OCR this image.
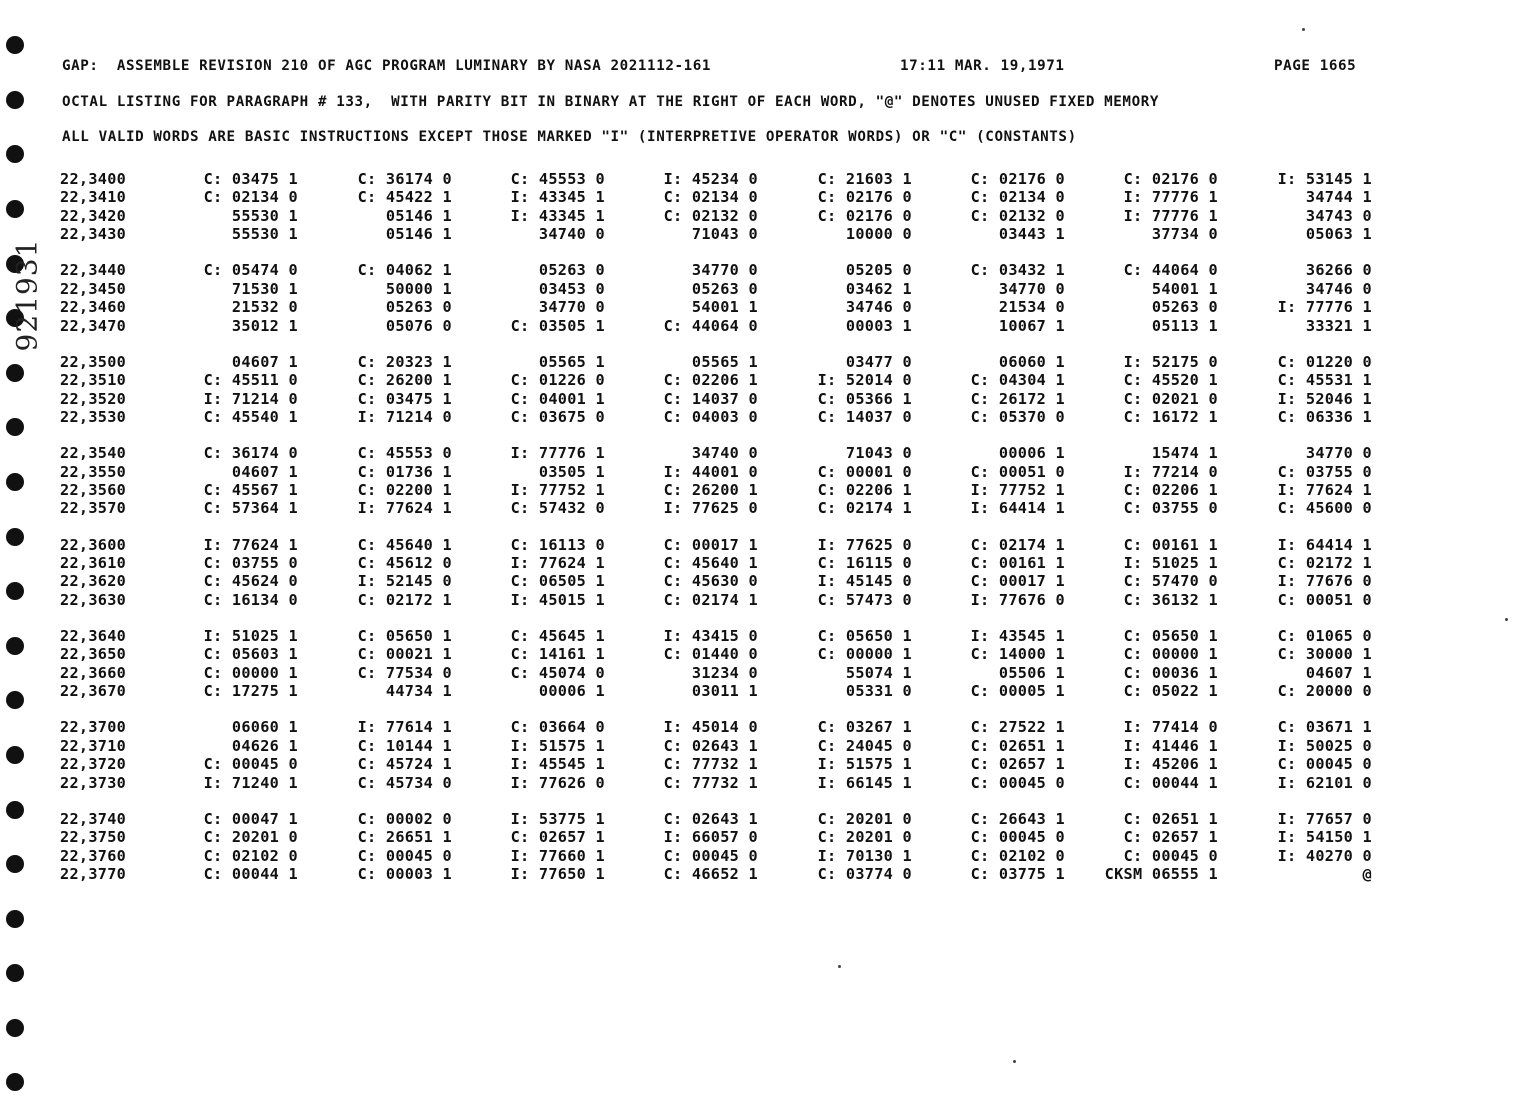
921931

GAP:  ASSEMBLE REVISION 210 OF AGC PROGRAM LUMINARY BY NASA 2021112-161

	17:11 MAR. 19,1971

	PAGE 1665

OCTAL LISTING FOR PARAGRAPH # 133,  WITH PARITY BIT IN BINARY AT THE RIGHT OF EACH WORD, "@" DENOTES UNUSED FIXED MEMORY

ALL VALID WORDS ARE BASIC INSTRUCTIONS EXCEPT THOSE MARKED "I" (INTERPRETIVE OPERATOR WORDS) OR "C" (CONSTANTS)

22,3400	C: 03475 1	C: 36174 0	C: 45553 0	I: 45234 0	C: 21603 1	C: 02176 0	C: 02176 0	I: 53145 1
22,3410	C: 02134 0	C: 45422 1	I: 43345 1	C: 02134 0	C: 02176 0	C: 02134 0	I: 77776 1	34744 1
22,3420	55530 1	05146 1	I: 43345 1	C: 02132 0	C: 02176 0	C: 02132 0	I: 77776 1	34743 0
22,3430	55530 1	05146 1	34740 0	71043 0	10000 0	03443 1	37734 0	05063 1
22,3440	C: 05474 0	C: 04062 1	05263 0	34770 0	05205 0	C: 03432 1	C: 44064 0	36266 0
22,3450	71530 1	50000 1	03453 0	05263 0	03462 1	34770 0	54001 1	34746 0
22,3460	21532 0	05263 0	34770 0	54001 1	34746 0	21534 0	05263 0	I: 77776 1
22,3470	35012 1	05076 0	C: 03505 1	C: 44064 0	00003 1	10067 1	05113 1	33321 1
22,3500	04607 1	C: 20323 1	05565 1	05565 1	03477 0	06060 1	I: 52175 0	C: 01220 0
22,3510	C: 45511 0	C: 26200 1	C: 01226 0	C: 02206 1	I: 52014 0	C: 04304 1	C: 45520 1	C: 45531 1
22,3520	I: 71214 0	C: 03475 1	C: 04001 1	C: 14037 0	C: 05366 1	C: 26172 1	C: 02021 0	I: 52046 1
22,3530	C: 45540 1	I: 71214 0	C: 03675 0	C: 04003 0	C: 14037 0	C: 05370 0	C: 16172 1	C: 06336 1
22,3540	C: 36174 0	C: 45553 0	I: 77776 1	34740 0	71043 0	00006 1	15474 1	34770 0
22,3550	04607 1	C: 01736 1	03505 1	I: 44001 0	C: 00001 0	C: 00051 0	I: 77214 0	C: 03755 0
22,3560	C: 45567 1	C: 02200 1	I: 77752 1	C: 26200 1	C: 02206 1	I: 77752 1	C: 02206 1	I: 77624 1
22,3570	C: 57364 1	I: 77624 1	C: 57432 0	I: 77625 0	C: 02174 1	I: 64414 1	C: 03755 0	C: 45600 0
22,3600	I: 77624 1	C: 45640 1	C: 16113 0	C: 00017 1	I: 77625 0	C: 02174 1	C: 00161 1	I: 64414 1
22,3610	C: 03755 0	C: 45612 0	I: 77624 1	C: 45640 1	C: 16115 0	C: 00161 1	I: 51025 1	C: 02172 1
22,3620	C: 45624 0	I: 52145 0	C: 06505 1	C: 45630 0	I: 45145 0	C: 00017 1	C: 57470 0	I: 77676 0
22,3630	C: 16134 0	C: 02172 1	I: 45015 1	C: 02174 1	C: 57473 0	I: 77676 0	C: 36132 1	C: 00051 0
22,3640	I: 51025 1	C: 05650 1	C: 45645 1	I: 43415 0	C: 05650 1	I: 43545 1	C: 05650 1	C: 01065 0
22,3650	C: 05603 1	C: 00021 1	C: 14161 1	C: 01440 0	C: 00000 1	C: 14000 1	C: 00000 1	C: 30000 1
22,3660	C: 00000 1	C: 77534 0	C: 45074 0	31234 0	55074 1	05506 1	C: 00036 1	04607 1
22,3670	C: 17275 1	44734 1	00006 1	03011 1	05331 0	C: 00005 1	C: 05022 1	C: 20000 0
22,3700	06060 1	I: 77614 1	C: 03664 0	I: 45014 0	C: 03267 1	C: 27522 1	I: 77414 0	C: 03671 1
22,3710	04626 1	C: 10144 1	I: 51575 1	C: 02643 1	C: 24045 0	C: 02651 1	I: 41446 1	I: 50025 0
22,3720	C: 00045 0	C: 45724 1	I: 45545 1	C: 77732 1	I: 51575 1	C: 02657 1	I: 45206 1	C: 00045 0
22,3730	I: 71240 1	C: 45734 0	I: 77626 0	C: 77732 1	I: 66145 1	C: 00045 0	C: 00044 1	I: 62101 0
22,3740	C: 00047 1	C: 00002 0	I: 53775 1	C: 02643 1	C: 20201 0	C: 26643 1	C: 02651 1	I: 77657 0
22,3750	C: 20201 0	C: 26651 1	C: 02657 1	I: 66057 0	C: 20201 0	C: 00045 0	C: 02657 1	I: 54150 1
22,3760	C: 02102 0	C: 00045 0	I: 77660 1	C: 00045 0	I: 70130 1	C: 02102 0	C: 00045 0	I: 40270 0
22,3770	C: 00044 1	C: 00003 1	I: 77650 1	C: 46652 1	C: 03774 0	C: 03775 1	CKSM 06555 1	@
